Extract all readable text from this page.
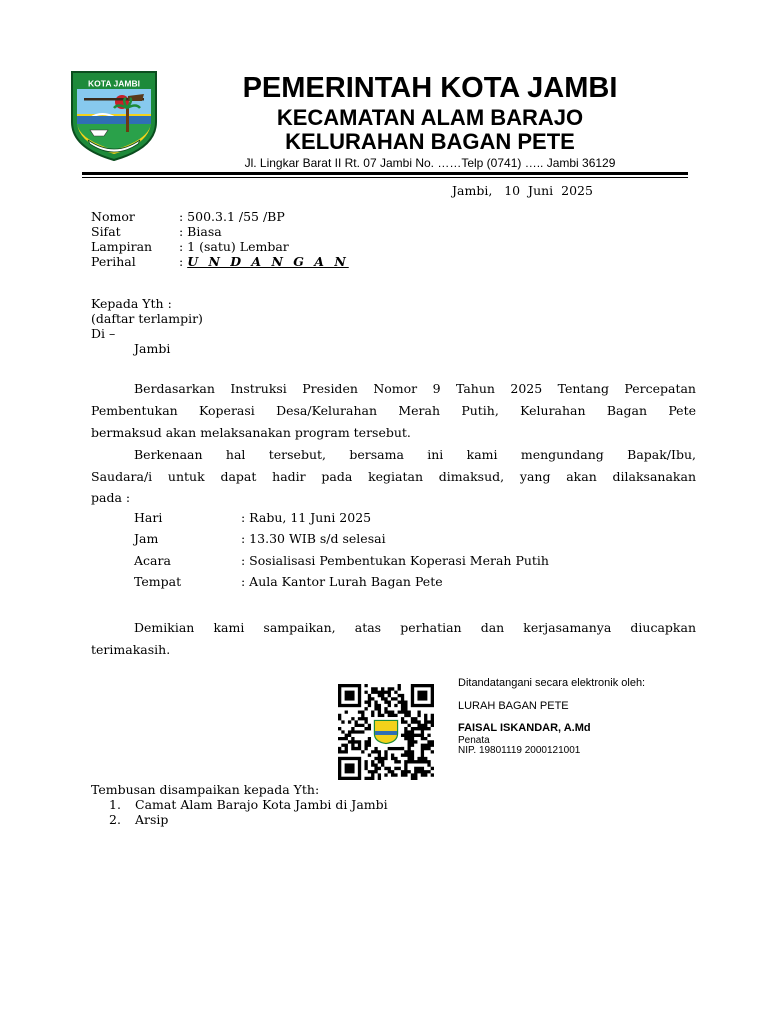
KOTA JAMBI	PEMERINTAH KOTA JAMBI
KECAMATAN ALAM BARAJO
KELURAHAN BAGAN PETE
Jl. Lingkar Barat II Rt. 07 Jambi No. ……Telp (0741) ….. Jambi 36129
Jambi,   10  Juni  2025
Nomor	: 500.3.1 /55 /BP
Sifat	: Biasa
Lampiran : 1 (satu) Lembar
Perihal	: U N D A N G A N
Kepada Yth :
(daftar terlampir)
Di –
Jambi
Berdasarkan Instruksi Presiden Nomor 9 Tahun 2025 Tentang Percepatan
Pembentukan Koperasi Desa/Kelurahan Merah Putih, Kelurahan Bagan Pete
bermaksud akan melaksanakan program tersebut.
Berkenaan hal tersebut, bersama ini kami mengundang Bapak/Ibu,
Saudara/i untuk dapat hadir pada kegiatan dimaksud, yang akan dilaksanakan
pada :
Hari	: Rabu, 11 Juni 2025
Jam	: 13.30 WIB s/d selesai
Acara	: Sosialisasi Pembentukan Koperasi Merah Putih
Tempat	: Aula Kantor Lurah Bagan Pete
Demikian kami sampaikan, atas perhatian dan kerjasamanya diucapkan
terimakasih.
Ditandatangani secara elektronik oleh:
LURAH BAGAN PETE
FAISAL ISKANDAR, A.Md
Penata
NIP. 19801119 2000121001
Tembusan disampaikan kepada Yth:
1. Camat Alam Barajo Kota Jambi di Jambi
2. Arsip
